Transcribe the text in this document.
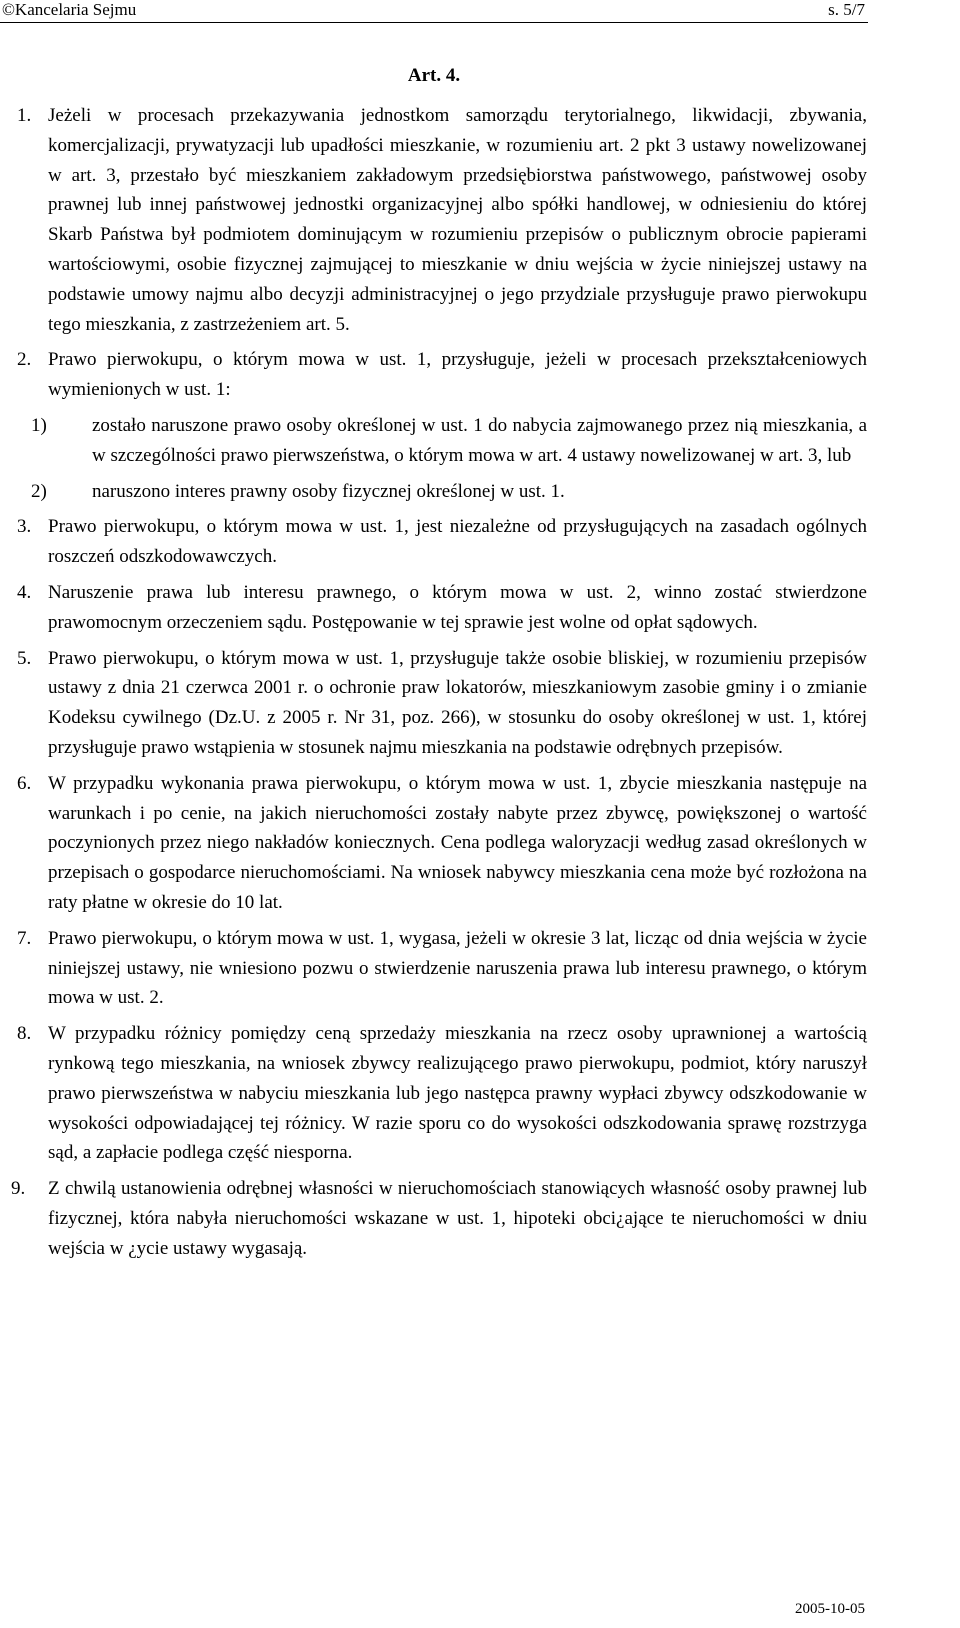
©Kancelaria Sejmu	s. 5/7
Art. 4.
1. Jeżeli w procesach przekazywania jednostkom samorządu terytorialnego, likwidacji, zbywania, komercjalizacji, prywatyzacji lub upadłości mieszkanie, w rozumieniu art. 2 pkt 3 ustawy nowelizowanej w art. 3, przestało być mieszkaniem zakładowym przedsiębiorstwa państwowego, państwowej osoby prawnej lub innej państwowej jednostki organizacyjnej albo spółki handlowej, w odniesieniu do której Skarb Państwa był podmiotem dominującym w rozumieniu przepisów o publicznym obrocie papierami wartościowymi, osobie fizycznej zajmującej to mieszkanie w dniu wejścia w życie niniejszej ustawy na podstawie umowy najmu albo decyzji administracyjnej o jego przydziale przysługuje prawo pierwokupu tego mieszkania, z zastrzeżeniem art. 5.
2. Prawo pierwokupu, o którym mowa w ust. 1, przysługuje, jeżeli w procesach przekształceniowych wymienionych w ust. 1:
1) zostało naruszone prawo osoby określonej w ust. 1 do nabycia zajmowanego przez nią mieszkania, a w szczególności prawo pierwszeństwa, o którym mowa w art. 4 ustawy nowelizowanej w art. 3, lub
2) naruszono interes prawny osoby fizycznej określonej w ust. 1.
3. Prawo pierwokupu, o którym mowa w ust. 1, jest niezależne od przysługujących na zasadach ogólnych roszczeń odszkodowawczych.
4. Naruszenie prawa lub interesu prawnego, o którym mowa w ust. 2, winno zostać stwierdzone prawomocnym orzeczeniem sądu. Postępowanie w tej sprawie jest wolne od opłat sądowych.
5. Prawo pierwokupu, o którym mowa w ust. 1, przysługuje także osobie bliskiej, w rozumieniu przepisów ustawy z dnia 21 czerwca 2001 r. o ochronie praw lokatorów, mieszkaniowym zasobie gminy i o zmianie Kodeksu cywilnego (Dz.U. z 2005 r. Nr 31, poz. 266), w stosunku do osoby określonej w ust. 1, której przysługuje prawo wstąpienia w stosunek najmu mieszkania na podstawie odrębnych przepisów.
6. W przypadku wykonania prawa pierwokupu, o którym mowa w ust. 1, zbycie mieszkania następuje na warunkach i po cenie, na jakich nieruchomości zostały nabyte przez zbywcę, powiększonej o wartość poczynionych przez niego nakładów koniecznych. Cena podlega waloryzacji według zasad określonych w przepisach o gospodarce nieruchomościami. Na wniosek nabywcy mieszkania cena może być rozłożona na raty płatne w okresie do 10 lat.
7. Prawo pierwokupu, o którym mowa w ust. 1, wygasa, jeżeli w okresie 3 lat, licząc od dnia wejścia w życie niniejszej ustawy, nie wniesiono pozwu o stwierdzenie naruszenia prawa lub interesu prawnego, o którym mowa w ust. 2.
8. W przypadku różnicy pomiędzy ceną sprzedaży mieszkania na rzecz osoby uprawnionej a wartością rynkową tego mieszkania, na wniosek zbywcy realizującego prawo pierwokupu, podmiot, który naruszył prawo pierwszeństwa w nabyciu mieszkania lub jego następca prawny wypłaci zbywcy odszkodowanie w wysokości odpowiadającej tej różnicy. W razie sporu co do wysokości odszkodowania sprawę rozstrzyga sąd, a zapłacie podlega część niesporna.
9. Z chwilą ustanowienia odrębnej własności w nieruchomościach stanowiących własność osoby prawnej lub fizycznej, która nabyła nieruchomości wskazane w ust. 1, hipoteki obci¿ające te nieruchomości w dniu wejścia w ¿ycie ustawy wygasają.
2005-10-05
